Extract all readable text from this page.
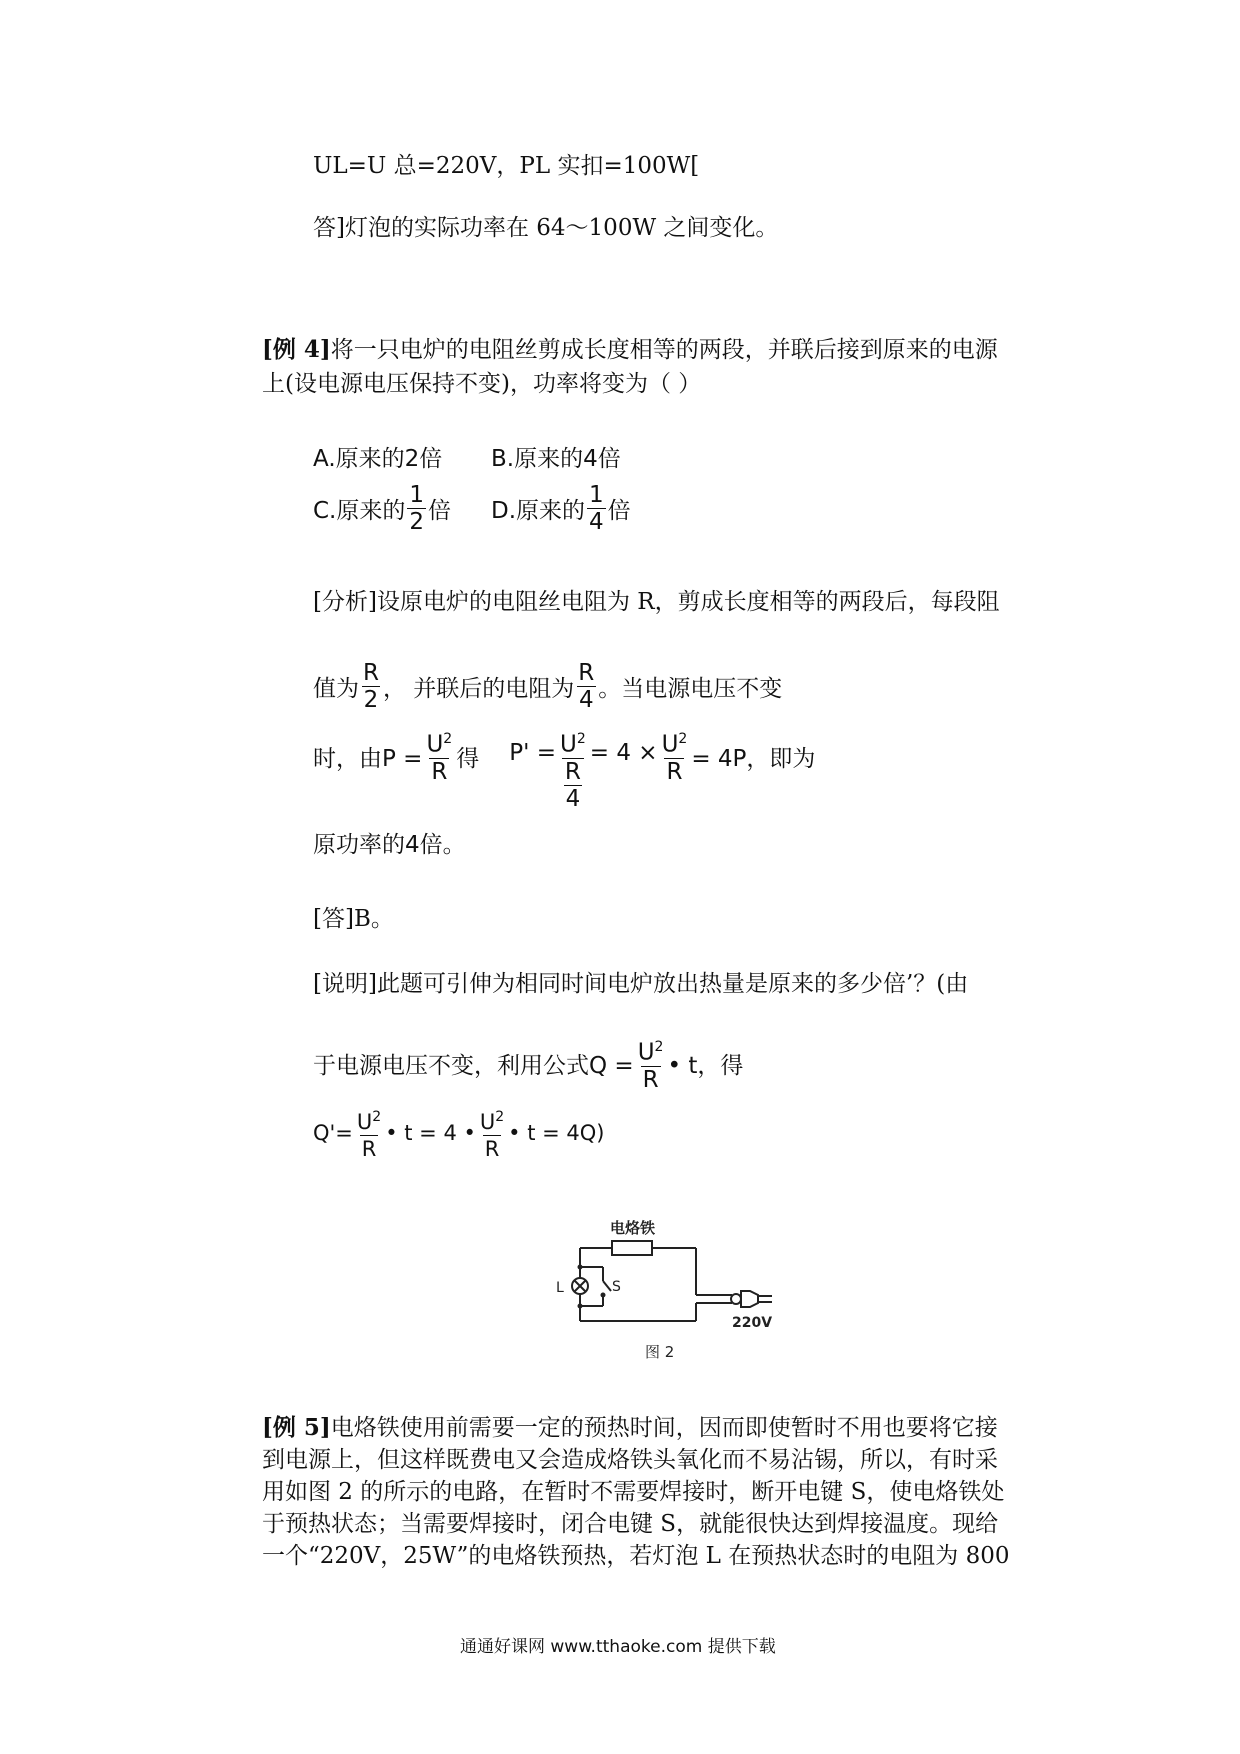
UL=U 总=220V，PL 实扣=100W[
答]灯泡的实际功率在 64～100W 之间变化。
[例 4]将一只电炉的电阻丝剪成长度相等的两段，并联后接到原来的电源
上(设电源电压保持不变)，功率将变为（ ）
A.原来的2倍 B.原来的4倍
C.原来的 $\frac{1}{2}$ 倍 D.原来的 $\frac{1}{4}$ 倍
[分析]设原电炉的电阻丝电阻为 R，剪成长度相等的两段后，每段阻
值为 $\frac{R}{2}$ ， 并联后的电阻为 $\frac{R}{4}$ 。当电源电压不变
时，由$P = \frac{U^2}{R}$ 得 $P' = \frac{U^2}{\frac{R}{4}} = 4 \times \frac{U^2}{R} = 4P$，即为
原功率的4倍。
[答]B。
[说明]此题可引伸为相同时间电炉放出热量是原来的多少倍’？(由
于电源电压不变，利用公式$Q = \frac{U^2}{R}$ • t，得
$Q'= \frac{U^2}{R}$ • t = 4 • $\frac{U^2}{R}$ • t = 4Q)
电烙铁
L	S
220V
图 2
[例 5]电烙铁使用前需要一定的预热时间，因而即使暂时不用也要将它接
到电源上，但这样既费电又会造成烙铁头氧化而不易沾锡，所以，有时采
用如图 2 的所示的电路，在暂时不需要焊接时，断开电键 S，使电烙铁处
于预热状态；当需要焊接时，闭合电键 S，就能很快达到焊接温度。现给
一个“220V，25W”的电烙铁预热，若灯泡 L 在预热状态时的电阻为 800
通通好课网 www.tthaoke.com 提供下载
